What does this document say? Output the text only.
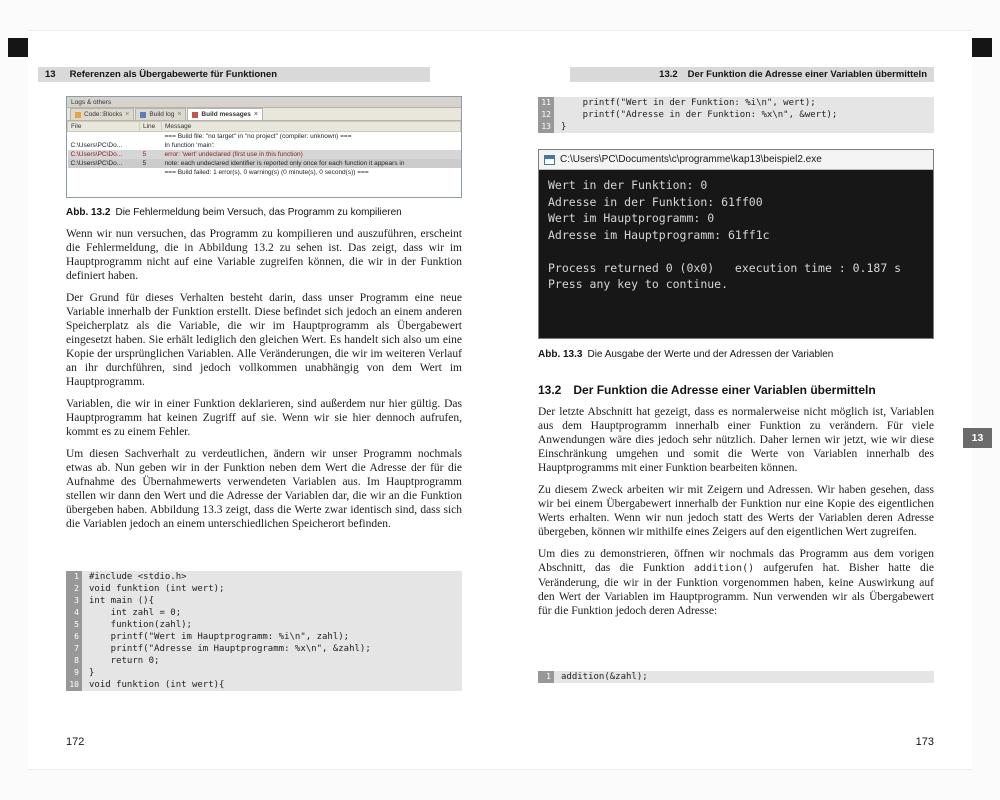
13 Referenzen als Übergabewerte für Funktionen
Logs & others
Code::Blocks ×	Build log ×	Build messages ×
File	Line	Message
		=== Build file: "no target" in "no project" (compiler: unknown) ===
C:\Users\PC\Do...		In function 'main':
C:\Users\PC\Do...	5	error: 'wert' undeclared (first use in this function)
C:\Users\PC\Do...	5	note: each undeclared identifier is reported only once for each function it appears in
		=== Build failed: 1 error(s), 0 warning(s) (0 minute(s), 0 second(s)) ===
Abb. 13.2 Die Fehlermeldung beim Versuch, das Programm zu kompilieren

Wenn wir nun versuchen, das Programm zu kompilieren und auszuführen, erscheint die Fehlermeldung, die in Abbildung 13.2 zu sehen ist. Das zeigt, dass wir im Hauptprogramm nicht auf eine Variable zugreifen können, die wir in der Funktion definiert haben.

Der Grund für dieses Verhalten besteht darin, dass unser Programm eine neue Variable innerhalb der Funktion erstellt. Diese befindet sich jedoch an einem anderen Speicherplatz als die Variable, die wir im Hauptprogramm als Übergabewert eingesetzt haben. Sie erhält lediglich den gleichen Wert. Es handelt sich also um eine Kopie der ursprünglichen Variablen. Alle Veränderungen, die wir im weiteren Verlauf an ihr durchführen, sind jedoch vollkommen unabhängig von dem Wert im Hauptprogramm.

Variablen, die wir in einer Funktion deklarieren, sind außerdem nur hier gültig. Das Hauptprogramm hat keinen Zugriff auf sie. Wenn wir sie hier dennoch aufrufen, kommt es zu einem Fehler.

Um diesen Sachverhalt zu verdeutlichen, ändern wir unser Programm nochmals etwas ab. Nun geben wir in der Funktion neben dem Wert die Adresse der für die Aufnahme des Übernahmewerts verwendeten Variablen aus. Im Hauptprogramm stellen wir dann den Wert und die Adresse der Variablen dar, die wir an die Funktion übergeben haben. Abbildung 13.3 zeigt, dass die Werte zwar identisch sind, dass sich die Variablen jedoch an einem unterschiedlichen Speicherort befinden.

1	#include <stdio.h>
2	void funktion (int wert);
3	int main (){
4	int zahl = 0;
5	funktion(zahl);
6	printf("Wert im Hauptprogramm: %i\n", zahl);
7	printf("Adresse im Hauptprogramm: %x\n", &zahl);
8	return 0;
9	}
10	void funktion (int wert){
172
13.2 Der Funktion die Adresse einer Variablen übermitteln
11	printf("Wert in der Funktion: %i\n", wert);
12	printf("Adresse in der Funktion: %x\n", &wert);
13	}
C:\Users\PC\Documents\c\programme\kap13\beispiel2.exe
Wert in der Funktion: 0
Adresse in der Funktion: 61ff00
Wert im Hauptprogramm: 0
Adresse im Hauptprogramm: 61ff1c
Process returned 0 (0x0)   execution time : 0.187 s
Press any key to continue.
Abb. 13.3 Die Ausgabe der Werte und der Adressen der Variablen
13.2 Der Funktion die Adresse einer Variablen übermitteln

Der letzte Abschnitt hat gezeigt, dass es normalerweise nicht möglich ist, Variablen aus dem Hauptprogramm innerhalb einer Funktion zu verändern. Für viele Anwendungen wäre dies jedoch sehr nützlich. Daher lernen wir jetzt, wie wir diese Einschränkung umgehen und somit die Werte von Variablen innerhalb des Hauptprogramms mit einer Funktion bearbeiten können.

Zu diesem Zweck arbeiten wir mit Zeigern und Adressen. Wir haben gesehen, dass wir bei einem Übergabewert innerhalb der Funktion nur eine Kopie des eigentlichen Werts erhalten. Wenn wir nun jedoch statt des Werts der Variablen deren Adresse übergeben, können wir mithilfe eines Zeigers auf den eigentlichen Wert zugreifen.

Um dies zu demonstrieren, öffnen wir nochmals das Programm aus dem vorigen Abschnitt, das die Funktion addition() aufgerufen hat. Bisher hatte die Veränderung, die wir in der Funktion vorgenommen haben, keine Auswirkung auf den Wert der Variablen im Hauptprogramm. Nun verwenden wir als Übergabewert für die Funktion jedoch deren Adresse:

1	addition(&zahl);
173
13
